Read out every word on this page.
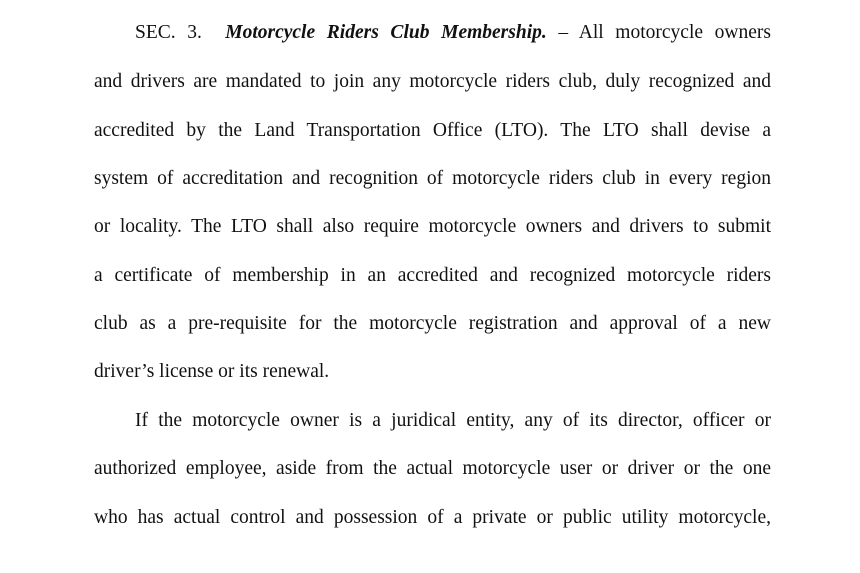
SEC. 3. Motorcycle Riders Club Membership. – All motorcycle owners
and drivers are mandated to join any motorcycle riders club, duly recognized and
accredited by the Land Transportation Office (LTO). The LTO shall devise a
system of accreditation and recognition of motorcycle riders club in every region
or locality. The LTO shall also require motorcycle owners and drivers to submit
a certificate of membership in an accredited and recognized motorcycle riders
club as a pre-requisite for the motorcycle registration and approval of a new
driver’s license or its renewal.
If the motorcycle owner is a juridical entity, any of its director, officer or
authorized employee, aside from the actual motorcycle user or driver or the one
who has actual control and possession of a private or public utility motorcycle,
